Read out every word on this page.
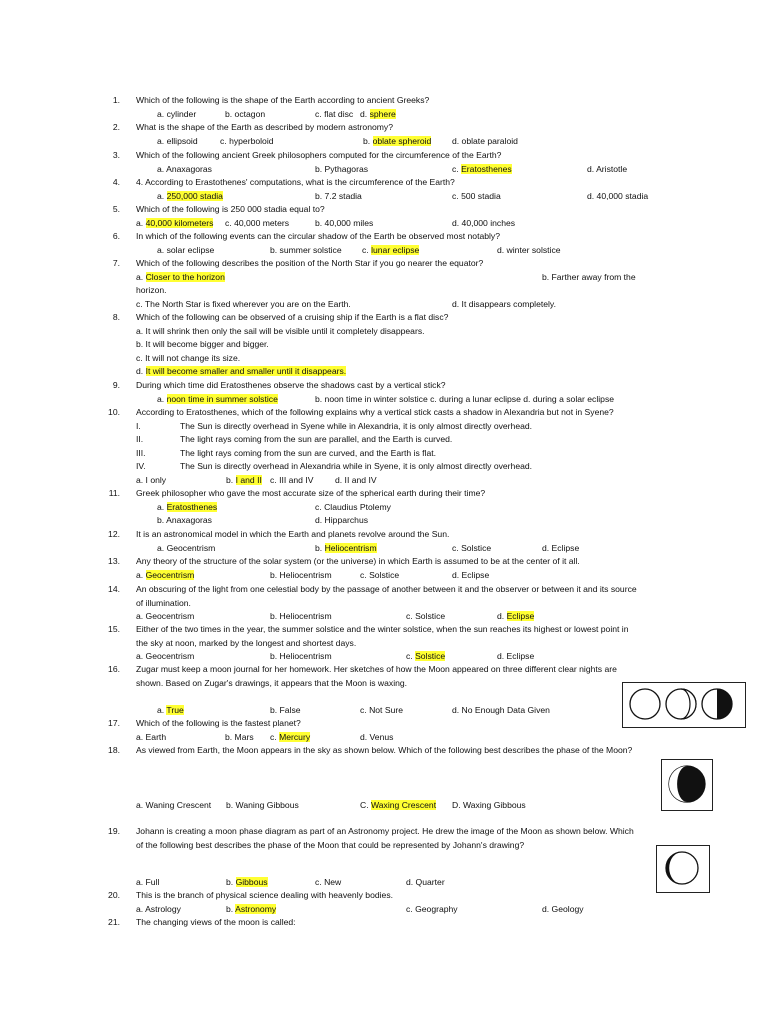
1. Which of the following is the shape of the Earth according to ancient Greeks?
a. cylinder	b. octagon	c. flat disc d. sphere
2. What is the shape of the Earth as described by modern astronomy?
a. ellipsoid	c. hyperboloid	b. oblate spheroid d. oblate paraloid
3. Which of the following ancient Greek philosophers computed for the circumference of the Earth?
a. Anaxagoras	b. Pythagoras	c. Eratosthenes	d. Aristotle
4. 4. According to Erastothenes' computations, what is the circumference of the Earth?
a. 250,000 stadia	b. 7.2 stadia	c. 500 stadia	d. 40,000 stadia
5. Which of the following is 250 000 stadia equal to?
a. 40,000 kilometers c. 40,000 meters	b. 40,000 miles	d. 40,000 inches
6. In which of the following events can the circular shadow of the Earth be observed most notably?
a. solar eclipse	b. summer solstice c. lunar eclipse	d. winter solstice
7. Which of the following describes the position of the North Star if you go nearer the equator?
a. Closer to the horizon	b. Farther away from the
horizon.
c. The North Star is fixed wherever you are on the Earth.	d. It disappears completely.
8. Which of the following can be observed of a cruising ship if the Earth is a flat disc?
a. It will shrink then only the sail will be visible until it completely disappears.
b. It will become bigger and bigger.
c. It will not change its size.
d. It will become smaller and smaller until it disappears.
9. During which time did Eratosthenes observe the shadows cast by a vertical stick?
a. noon time in summer solstice	b. noon time in winter solstice c. during a lunar eclipse d. during a solar eclipse
10. According to Eratosthenes, which of the following explains why a vertical stick casts a shadow in Alexandria but not in Syene?
I.	The Sun is directly overhead in Syene while in Alexandria, it is only almost directly overhead.
II.	The light rays coming from the sun are parallel, and the Earth is curved.
III.	The light rays coming from the sun are curved, and the Earth is flat.
IV.	The Sun is directly overhead in Alexandria while in Syene, it is only almost directly overhead.
a. I only	b. I and II c. III and IV	d. II and IV
11. Greek philosopher who gave the most accurate size of the spherical earth during their time?
a. Eratosthenes	c. Claudius Ptolemy
b. Anaxagoras	d. Hipparchus
12. It is an astronomical model in which the Earth and planets revolve around the Sun.
a. Geocentrism	b. Heliocentrism	c. Solstice	d. Eclipse
13. Any theory of the structure of the solar system (or the universe) in which Earth is assumed to be at the center of it all.
a. Geocentrism	b. Heliocentrism	c. Solstice	d. Eclipse
14. An obscuring of the light from one celestial body by the passage of another between it and the observer or between it and its source
of illumination.
a. Geocentrism	b. Heliocentrism	c. Solstice	d. Eclipse
15. Either of the two times in the year, the summer solstice and the winter solstice, when the sun reaches its highest or lowest point in
the sky at noon, marked by the longest and shortest days.
a. Geocentrism	b. Heliocentrism	c. Solstice	d. Eclipse
16. Zugar must keep a moon journal for her homework. Her sketches of how the Moon appeared on three different clear nights are
shown. Based on Zugar's drawings, it appears that the Moon is waxing.
a. True	b. False	c. Not Sure	d. No Enough Data Given
17. Which of the following is the fastest planet?
a. Earth	b. Mars c. Mercury	d. Venus
18. As viewed from Earth, the Moon appears in the sky as shown below. Which of the following best describes the phase of the Moon?
a. Waning Crescent b. Waning Gibbous	C. Waxing Crescent D. Waxing Gibbous
19. Johann is creating a moon phase diagram as part of an Astronomy project. He drew the image of the Moon as shown below. Which
of the following best describes the phase of the Moon that could be represented by Johann's drawing?
a. Full	b. Gibbous	c. New	d. Quarter
20. This is the branch of physical science dealing with heavenly bodies.
a. Astrology	b. Astronomy	c. Geography	d. Geology
21. The changing views of the moon is called:
